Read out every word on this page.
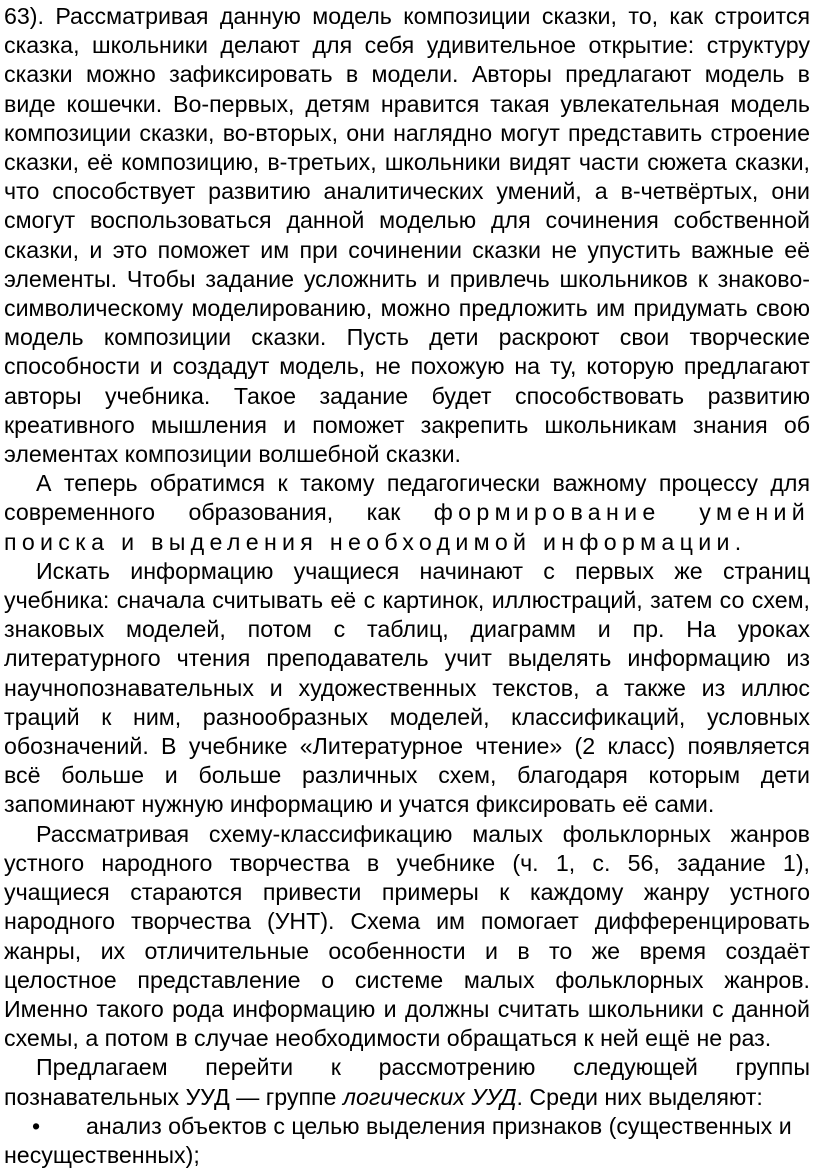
63). Рассматривая данную модель композиции сказки, то, как строится сказка, школьники делают для себя удивительное открытие: структуру сказки можно зафиксировать в модели. Авторы предлагают модель в виде кошечки. Во-первых, детям нравится такая увлекательная модель композиции сказки, во-вторых, они наглядно могут представить строение сказки, её композицию, в-третьих, школьники видят части сюжета сказки, что способствует развитию аналитических умений, а в-четвёртых, они смогут воспользоваться данной моделью для сочинения собственной сказки, и это поможет им при сочинении сказки не упустить важные её элементы. Чтобы задание усложнить и привлечь школьников к знаково-символическому моделированию, можно предложить им придумать свою модель композиции сказки. Пусть дети раскроют свои творческие способности и создадут модель, не похожую на ту, которую предлагают авторы учебника. Такое задание будет способствовать развитию креативного мышления и поможет закрепить школьникам знания об элементах композиции волшебной сказки.

А теперь обратимся к такому педагогически важному процессу для современного образования, как формирование умений поиска и выделения необходимой информации.

Искать информацию учащиеся начинают с первых же страниц учебника: сначала считывать её с картинок, иллюстраций, затем со схем, знаковых моделей, потом с таблиц, диаграмм и пр. На уроках литературного чтения преподаватель учит выделять информацию из научнопознавательных и художественных текстов, а также из иллюс траций к ним, разнообразных моделей, классификаций, условных обозначений. В учебнике «Литературное чтение» (2 класс) появляется всё больше и больше различных схем, благодаря которым дети запоминают нужную информацию и учатся фиксировать её сами.

Рассматривая схему-классификацию малых фольклорных жанров устного народного творчества в учебнике (ч. 1, с. 56, задание 1), учащиеся стараются привести примеры к каждому жанру устного народного творчества (УНТ). Схема им помогает дифференцировать жанры, их отличительные особенности и в то же время создаёт целостное представление о системе малых фольклорных жанров. Именно такого рода информацию и должны считать школьники с данной схемы, а потом в случае необходимости обращаться к ней ещё не раз.

Предлагаем перейти к рассмотрению следующей группы познавательных УУД — группе логических УУД. Среди них выделяют:

•	анализ объектов с целью выделения признаков (существенных и
несущественных);
